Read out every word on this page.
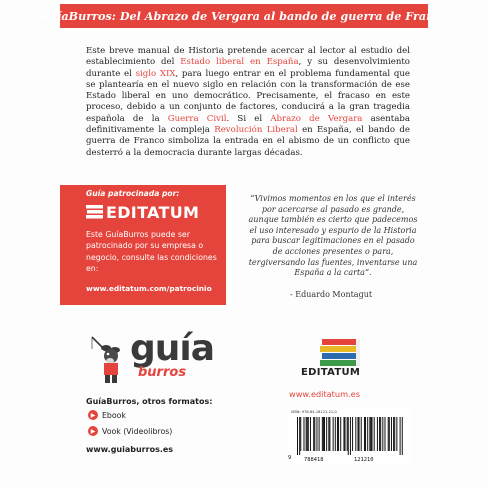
GuíaBurros: Del Abrazo de Vergara al bando de guerra de Franco

Este breve manual de Historia pretende acercar al lector al estudio del establecimiento del Estado liberal en España, y su desenvolvimiento durante el siglo XIX, para luego entrar en el problema fundamental que se plantearía en el nuevo siglo en relación con la transformación de ese Estado liberal en uno democrático. Precisamente, el fracaso en este proceso, debido a un conjunto de factores, conducirá a la gran tragedia española de la Guerra Civil. Si el Abrazo de Vergara asentaba definitivamente la compleja Revolución Liberal en España, el bando de guerra de Franco simboliza la entrada en el abismo de un conflicto que desterró a la democracia durante largas décadas.

Guía patrocinada por:
EDITATUM

Este GuíaBurros puede ser patrocinado por su empresa o negocio, consulte las condiciones en:

www.editatum.com/patrocinio

“Vivimos momentos en los que el interés por acercarse al pasado es grande, aunque también es cierto que padecemos el uso interesado y espurio de la Historia para buscar legitimaciones en el pasado de acciones presentes o para, tergiversando las fuentes, inventarse una España a la carta”.

- Eduardo Montagut
guía
burros
GuíaBurros, otros formatos:
▶ Ebook
▶ Vook (Videolibros)
www.guiaburros.es
EDITATUM
www.editatum.es
ISBN: 978-84-18121-21-0
9 788418	121210
